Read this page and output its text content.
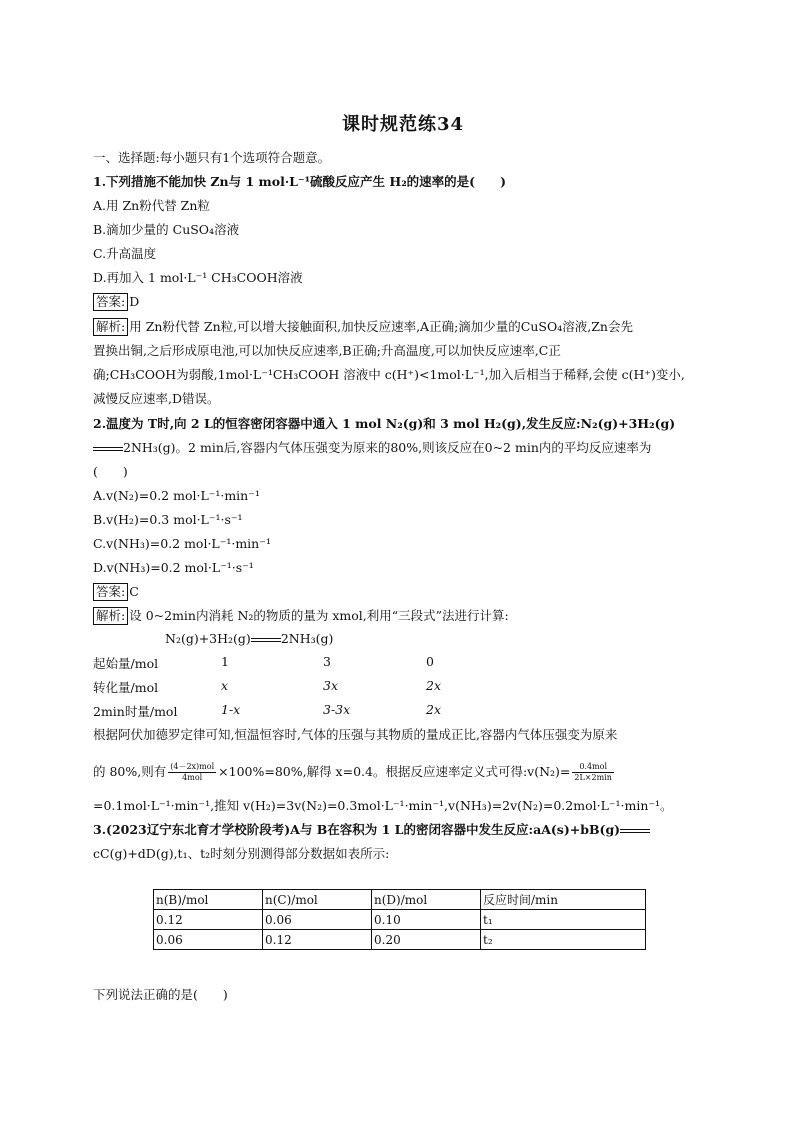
课时规范练34
一、选择题:每小题只有1个选项符合题意。
1.下列措施不能加快 Zn与 1 mol·L⁻¹硫酸反应产生 H₂的速率的是(　　)
A.用 Zn粉代替 Zn粒
B.滴加少量的 CuSO₄溶液
C.升高温度
D.再加入 1 mol·L⁻¹ CH₃COOH溶液
答案: D
解析: 用 Zn粉代替 Zn粒,可以增大接触面积,加快反应速率,A正确;滴加少量的CuSO₄溶液,Zn会先
置换出铜,之后形成原电池,可以加快反应速率,B正确;升高温度,可以加快反应速率,C正
确;CH₃COOH为弱酸,1mol·L⁻¹CH₃COOH 溶液中 c(H⁺)<1mol·L⁻¹,加入后相当于稀释,会使 c(H⁺)变小,
减慢反应速率,D错误。
2.温度为 T时,向 2 L的恒容密闭容器中通入 1 mol N₂(g)和 3 mol H₂(g),发生反应:N₂(g)+3H₂(g)
2NH₃(g)。2 min后,容器内气体压强变为原来的80%,则该反应在0~2 min内的平均反应速率为
(　　)
A.v(N₂)=0.2 mol·L⁻¹·min⁻¹
B.v(H₂)=0.3 mol·L⁻¹·s⁻¹
C.v(NH₃)=0.2 mol·L⁻¹·min⁻¹
D.v(NH₃)=0.2 mol·L⁻¹·s⁻¹
答案: C
解析: 设 0~2min内消耗 N₂的物质的量为 xmol,利用“三段式”法进行计算:
N₂(g)+3H₂(g) 2NH₃(g)
起始量/mol	1	3	0
转化量/mol	x	3x	2x
2min时量/mol	1-x	3-3x	2x
根据阿伏加德罗定律可知,恒温恒容时,气体的压强与其物质的量成正比,容器内气体压强变为原来
的 80%,则有 $\frac{\text{(4－2x)mol}}{\text{4mol}} \times 100\%=80\%$,解得 x=0.4。根据反应速率定义式可得:v(N₂)= $\frac{\text{0.4mol}}{2L\times 2\min}$
=0.1mol·L⁻¹·min⁻¹,推知 v(H₂)=3v(N₂)=0.3mol·L⁻¹·min⁻¹,v(NH₃)=2v(N₂)=0.2mol·L⁻¹·min⁻¹。
3.(2023辽宁东北育才学校阶段考)A与 B在容积为 1 L的密闭容器中发生反应:aA(s)+bB(g)
cC(g)+dD(g),t₁、t₂时刻分别测得部分数据如表所示:
n(B)/mol	n(C)/mol	n(D)/mol	反应时间/min
0.12	0.06	0.10	t₁
0.06	0.12	0.20	t₂
下列说法正确的是(　　)
